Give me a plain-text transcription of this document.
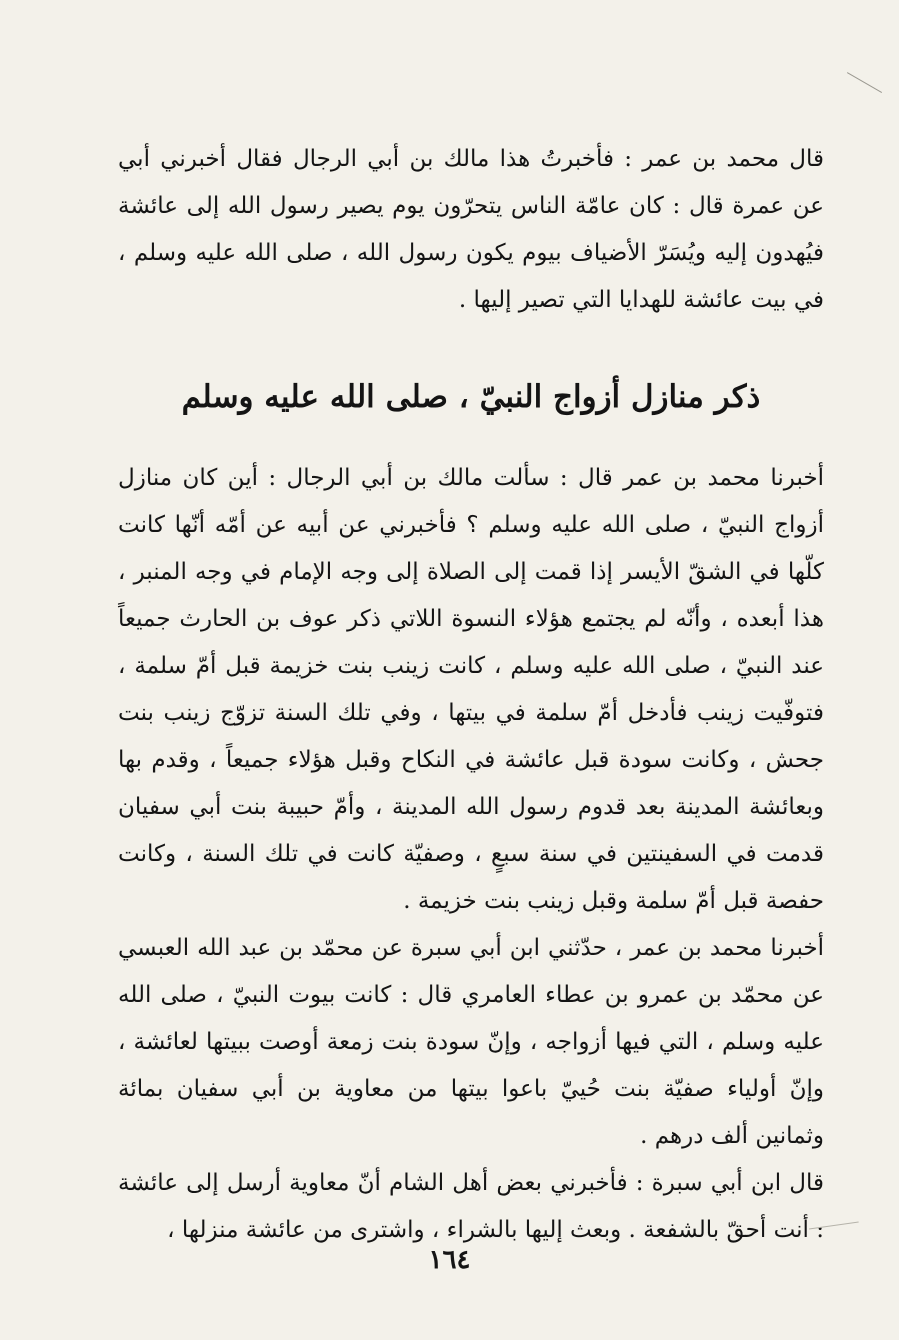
قال محمد بن عمر : فأخبرتُ هذا مالك بن أبي الرجال فقال أخبرني أبي عن عمرة قال : كان عامّة الناس يتحرّون يوم يصير رسول الله إلى عائشة فيُهدون إليه ويُسَرّ الأضياف بيوم يكون رسول الله ، صلى الله عليه وسلم ، في بيت عائشة للهدايا التي تصير إليها .

ذكر منازل أزواج النبيّ ، صلى الله عليه وسلم

أخبرنا محمد بن عمر قال : سألت مالك بن أبي الرجال : أين كان منازل أزواج النبيّ ، صلى الله عليه وسلم ؟ فأخبرني عن أبيه عن أمّه أنّها كانت كلّها في الشقّ الأيسر إذا قمت إلى الصلاة إلى وجه الإمام في وجه المنبر ، هذا أبعده ، وأنّه لم يجتمع هؤلاء النسوة اللاتي ذكر عوف بن الحارث جميعاً عند النبيّ ، صلى الله عليه وسلم ، كانت زينب بنت خزيمة قبل أمّ سلمة ، فتوفّيت زينب فأدخل أمّ سلمة في بيتها ، وفي تلك السنة تزوّج زينب بنت جحش ، وكانت سودة قبل عائشة في النكاح وقبل هؤلاء جميعاً ، وقدم بها وبعائشة المدينة بعد قدوم رسول الله المدينة ، وأمّ حبيبة بنت أبي سفيان قدمت في السفينتين في سنة سبعٍ ، وصفيّة كانت في تلك السنة ، وكانت حفصة قبل أمّ سلمة وقبل زينب بنت خزيمة .

أخبرنا محمد بن عمر ، حدّثني ابن أبي سبرة عن محمّد بن عبد الله العبسي عن محمّد بن عمرو بن عطاء العامري قال : كانت بيوت النبيّ ، صلى الله عليه وسلم ، التي فيها أزواجه ، وإنّ سودة بنت زمعة أوصت ببيتها لعائشة ، وإنّ أولياء صفيّة بنت حُييّ باعوا بيتها من معاوية بن أبي سفيان بمائة وثمانين ألف درهم .

قال ابن أبي سبرة : فأخبرني بعض أهل الشام أنّ معاوية أرسل إلى عائشة : أنت أحقّ بالشفعة . وبعث إليها بالشراء ، واشترى من عائشة منزلها ،

١٦٤
